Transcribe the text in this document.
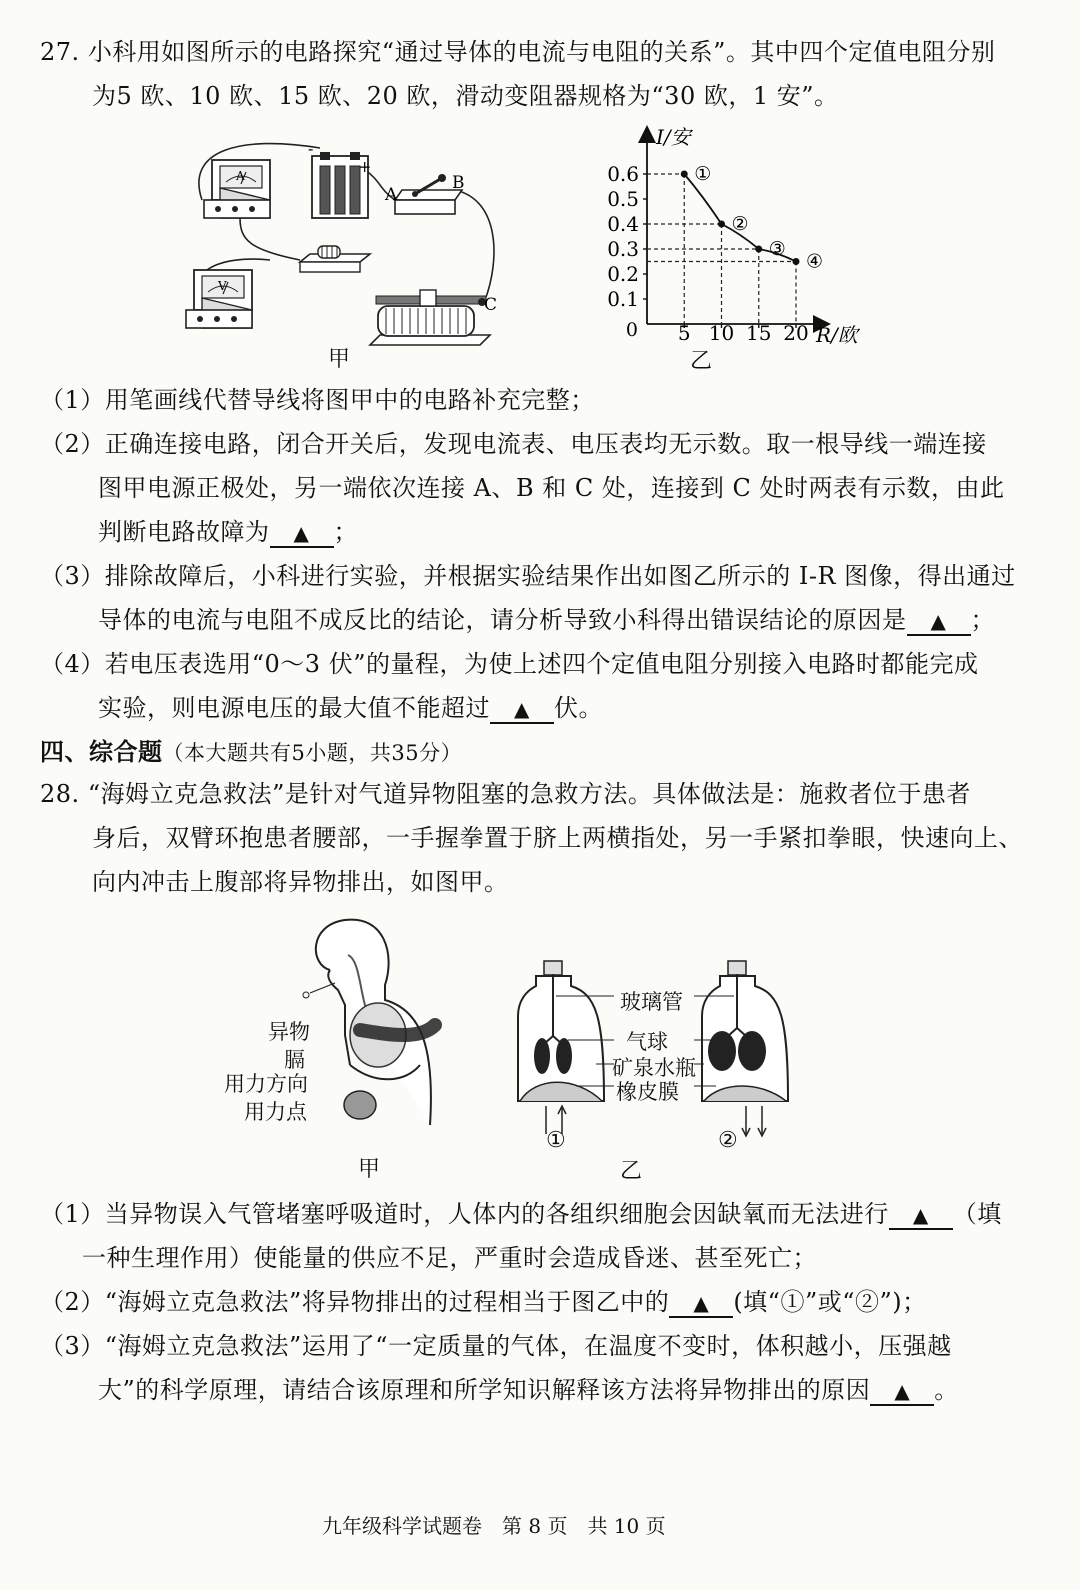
27. 小科用如图所示的电路探究“通过导体的电流与电阻的关系”。其中四个定值电阻分别
为5 欧、10 欧、15 欧、20 欧，滑动变阻器规格为“30 欧，1 安”。
A
-
+
A
B
V
C
甲
I/安
R/欧
0
0.1
0.2
0.3
0.4
0.5
0.6
5 10 15 20
①
②
③
④
乙
（1）用笔画线代替导线将图甲中的电路补充完整；
（2）正确连接电路，闭合开关后，发现电流表、电压表均无示数。取一根导线一端连接
图甲电源正极处，另一端依次连接 A、B 和 C 处，连接到 C 处时两表有示数，由此
判断电路故障为 ▲ ；
（3）排除故障后，小科进行实验，并根据实验结果作出如图乙所示的 I-R 图像，得出通过
导体的电流与电阻不成反比的结论，请分析导致小科得出错误结论的原因是 ▲ ；
（4）若电压表选用“0～3 伏”的量程，为使上述四个定值电阻分别接入电路时都能完成
实验，则电源电压的最大值不能超过 ▲ 伏。
四、综合题（本大题共有5小题，共35分）
28. “海姆立克急救法”是针对气道异物阻塞的急救方法。具体做法是：施救者位于患者
身后，双臂环抱患者腰部，一手握拳置于脐上两横指处，另一手紧扣拳眼，快速向上、
向内冲击上腹部将异物排出，如图甲。
异物
膈
用力方向
用力点
甲
玻璃管
气球
矿泉水瓶
橡皮膜
①	②
乙
（1）当异物误入气管堵塞呼吸道时，人体内的各组织细胞会因缺氧而无法进行 ▲ （填
一种生理作用）使能量的供应不足，严重时会造成昏迷、甚至死亡；
（2）“海姆立克急救法”将异物排出的过程相当于图乙中的 ▲ (填“①”或“②”)；
（3）“海姆立克急救法”运用了“一定质量的气体，在温度不变时，体积越小，压强越
大”的科学原理，请结合该原理和所学知识解释该方法将异物排出的原因 ▲ 。
九年级科学试题卷　第 8 页　共 10 页
